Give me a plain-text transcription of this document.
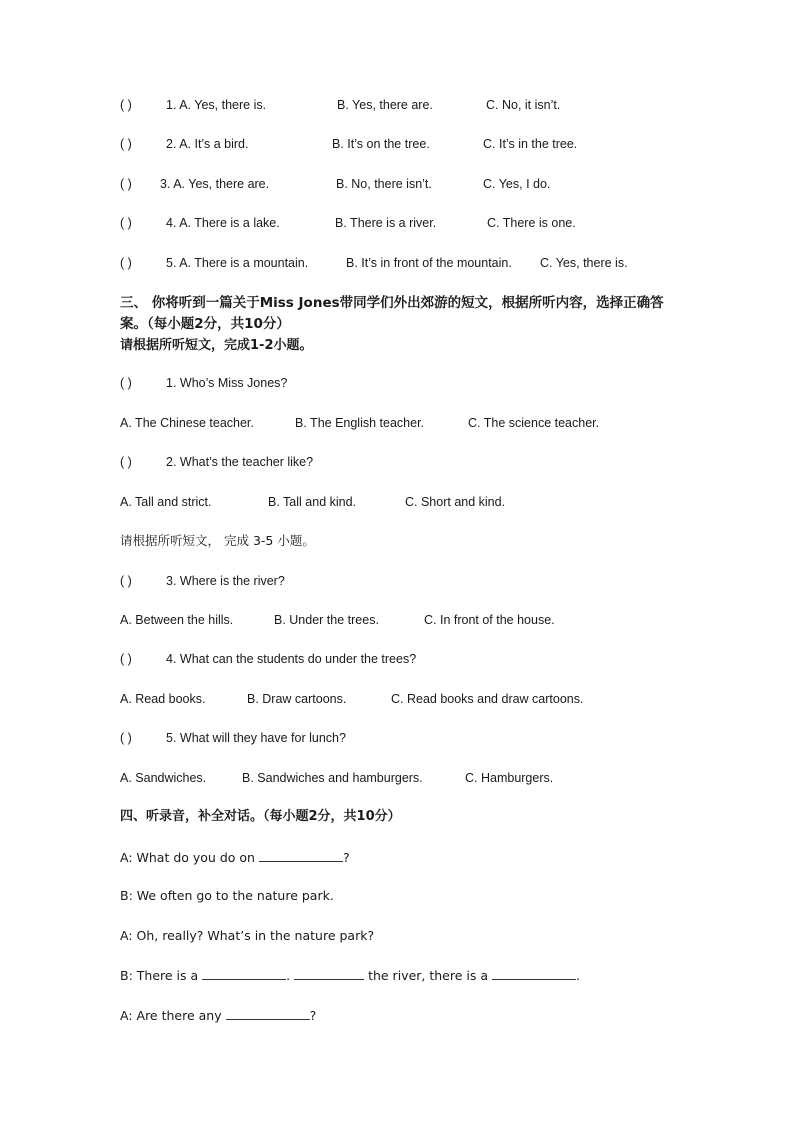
( )	1. A. Yes, there is.	B. Yes, there are.	C. No, it isn’t.
( )	2. A. It’s a bird.	B. It’s on the tree.	C. It’s in the tree.
( ) 3. A. Yes, there are.	B. No, there isn’t.	C. Yes, I do.
( )	4. A. There is a lake.	B. There is a river.	C. There is one.
( )	5. A. There is a mountain.	B. It’s in front of the mountain. C. Yes, there is.
三、 你将听到一篇关于Miss Jones带同学们外出郊游的短文，根据所听内容，选择正确答案。（每小题2分，共10分）
请根据所听短文，完成1-2小题。
( )	1. Who’s Miss Jones?
A. The Chinese teacher.	B. The English teacher.	C. The science teacher.
( )	2. What’s the teacher like?
A. Tall and strict.	B. Tall and kind.	C. Short and kind.
请根据所听短文， 完成 3-5 小题。
( )	3. Where is the river?
A. Between the hills.	B. Under the trees.	C. In front of the house.
( )	4. What can the students do under the trees?
A. Read books.	B. Draw cartoons.	C. Read books and draw cartoons.
( )	5. What will they have for lunch?
A. Sandwiches.	B. Sandwiches and hamburgers.	C. Hamburgers.
四、听录音，补全对话。（每小题2分，共10分）
A: What do you do on	?
B: We often go to the nature park.
A: Oh, really? What’s in the nature park?
B: There is a	.	the river, there is a	.
A: Are there any	?
